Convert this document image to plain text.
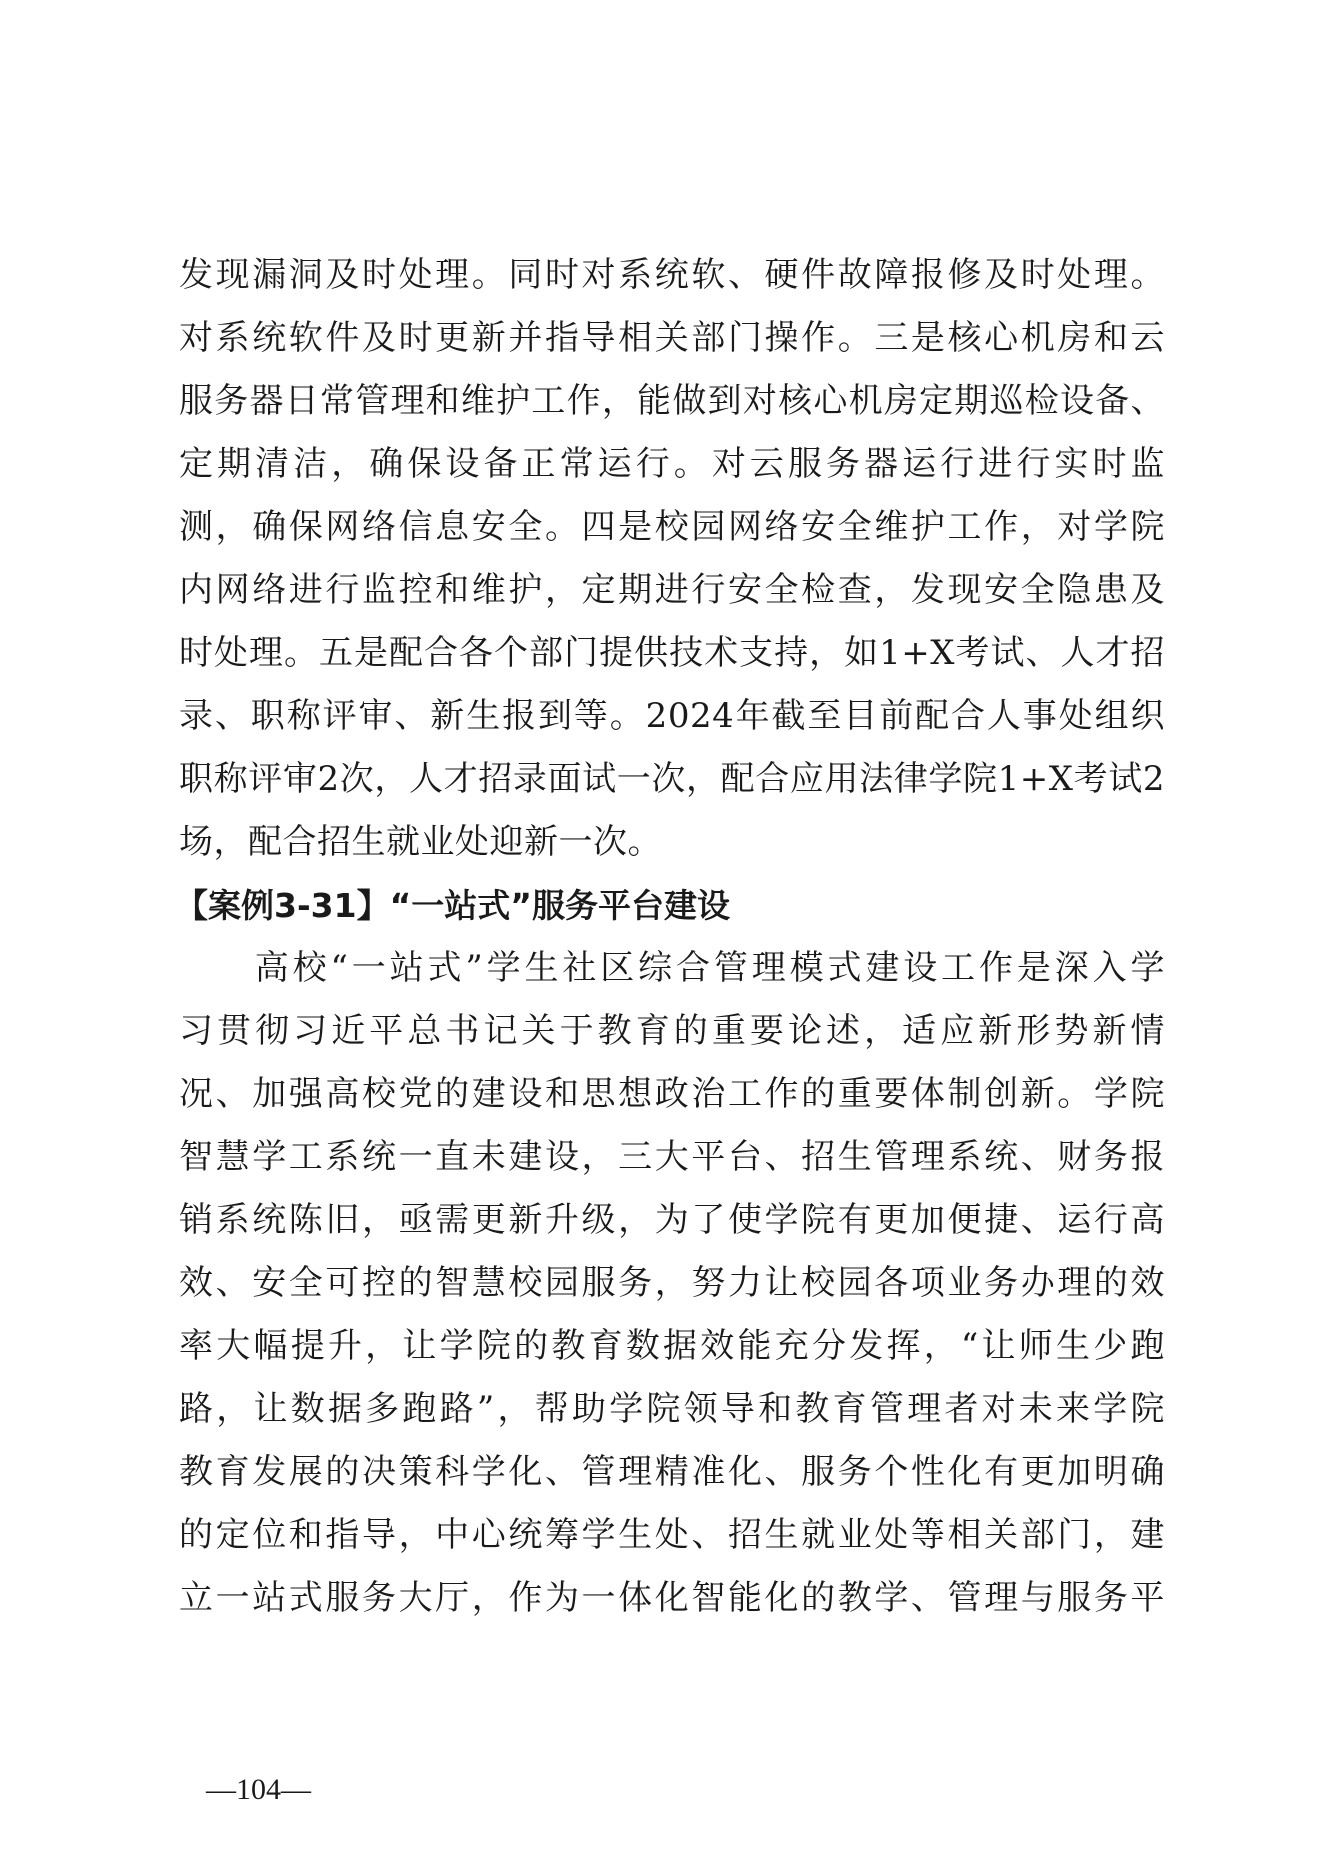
发现漏洞及时处理。同时对系统软、硬件故障报修及时处理。
对系统软件及时更新并指导相关部门操作。三是核心机房和云
服务器日常管理和维护工作，能做到对核心机房定期巡检设备、
定期清洁，确保设备正常运行。对云服务器运行进行实时监
测，确保网络信息安全。四是校园网络安全维护工作，对学院
内网络进行监控和维护，定期进行安全检查，发现安全隐患及
时处理。五是配合各个部门提供技术支持，如1+X考试、人才招
录、职称评审、新生报到等。2024年截至目前配合人事处组织
职称评审2次，人才招录面试一次，配合应用法律学院1+X考试2
场，配合招生就业处迎新一次。
【案例3-31】“一站式”服务平台建设
　　高校“一站式”学生社区综合管理模式建设工作是深入学
习贯彻习近平总书记关于教育的重要论述，适应新形势新情
况、加强高校党的建设和思想政治工作的重要体制创新。学院
智慧学工系统一直未建设，三大平台、招生管理系统、财务报
销系统陈旧，亟需更新升级，为了使学院有更加便捷、运行高
效、安全可控的智慧校园服务，努力让校园各项业务办理的效
率大幅提升，让学院的教育数据效能充分发挥，“让师生少跑
路，让数据多跑路”，帮助学院领导和教育管理者对未来学院
教育发展的决策科学化、管理精准化、服务个性化有更加明确
的定位和指导，中心统筹学生处、招生就业处等相关部门，建
立一站式服务大厅，作为一体化智能化的教学、管理与服务平
—104—
